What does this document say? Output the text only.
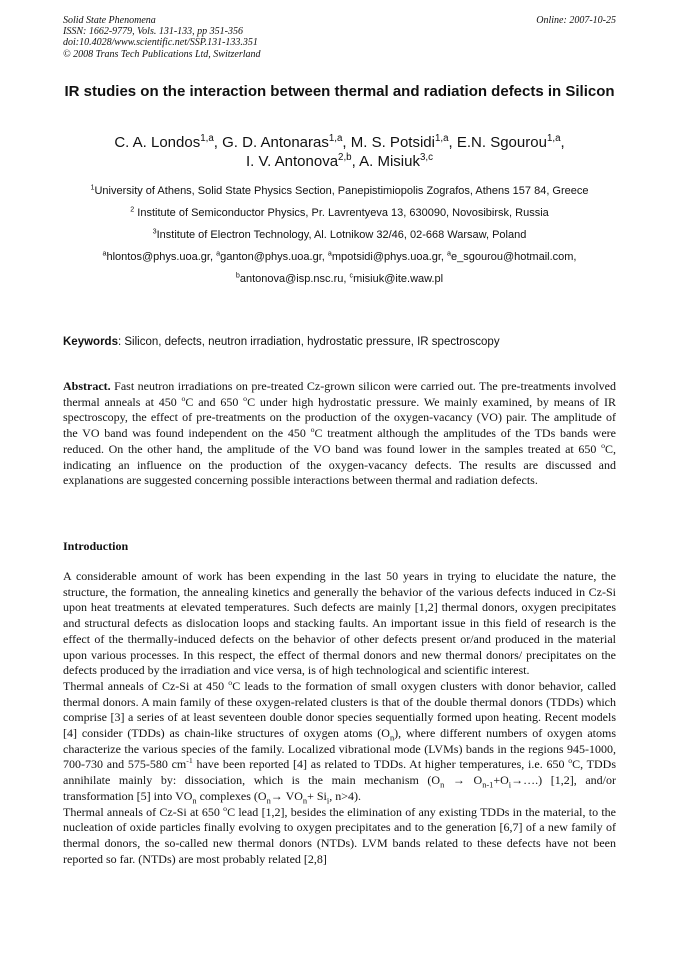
Solid State Phenomena
ISSN: 1662-9779, Vols. 131-133, pp 351-356
doi:10.4028/www.scientific.net/SSP.131-133.351
© 2008 Trans Tech Publications Ltd, Switzerland
Online: 2007-10-25
IR studies on the interaction between thermal and radiation defects in Silicon
C. A. Londos$^{1,a}$, G. D. Antonaras$^{1,a}$, M. S. Potsidi$^{1,a}$, E.N. Sgourou$^{1,a}$,
I. V. Antonova$^{2,b}$, A. Misiuk$^{3,c}$
$^1$University of Athens, Solid State Physics Section, Panepistimiopolis Zografos, Athens 157 84, Greece
$^2$ Institute of Semiconductor Physics, Pr. Lavrentyeva 13, 630090, Novosibirsk, Russia
$^3$Institute of Electron Technology, Al. Lotnikow 32/46, 02-668 Warsaw, Poland
$^a$hlontos@phys.uoa.gr, $^a$ganton@phys.uoa.gr, $^a$mpotsidi@phys.uoa.gr, $^a$e_sgourou@hotmail.com,
$^b$antonova@isp.nsc.ru, $^c$misiuk@ite.waw.pl
Keywords: Silicon, defects, neutron irradiation, hydrostatic pressure, IR spectroscopy
Abstract. Fast neutron irradiations on pre-treated Cz-grown silicon were carried out. The pre-treatments involved thermal anneals at 450 $^o$C and 650 $^o$C under high hydrostatic pressure. We mainly examined, by means of IR spectroscopy, the effect of pre-treatments on the production of the oxygen-vacancy (VO) pair. The amplitude of the VO band was found independent on the 450 $^o$C treatment although the amplitudes of the TDs bands were reduced. On the other hand, the amplitude of the VO band was found lower in the samples treated at 650 $^o$C, indicating an influence on the production of the oxygen-vacancy defects. The results are discussed and explanations are suggested concerning possible interactions between thermal and radiation defects.
Introduction

A considerable amount of work has been expending in the last 50 years in trying to elucidate the nature, the structure, the formation, the annealing kinetics and generally the behavior of the various defects induced in Cz-Si upon heat treatments at elevated temperatures. Such defects are mainly [1,2] thermal donors, oxygen precipitates and structural defects as dislocation loops and stacking faults. An important issue in this field of research is the effect of the thermally-induced defects on the behavior of other defects present or/and produced in the material upon various processes. In this respect, the effect of thermal donors and new thermal donors/ precipitates on the defects produced by the irradiation and vice versa, is of high technological and scientific interest.

Thermal anneals of Cz-Si at 450 $^o$C leads to the formation of small oxygen clusters with donor behavior, called thermal donors. A main family of these oxygen-related clusters is that of the double thermal donors (TDDs) which comprise [3] a series of at least seventeen double donor species sequentially formed upon heating. Recent models [4] consider (TDDs) as chain-like structures of oxygen atoms $(O_n)$, where different numbers of oxygen atoms characterize the various species of the family. Localized vibrational mode (LVMs) bands in the regions 945-1000, 700-730 and 575-580 $cm^{-1}$ have been reported [4] as related to TDDs. At higher temperatures, i.e. 650 $^o$C, TDDs annihilate mainly by: dissociation, which is the main mechanism ($O_n$ → $O_{n-1}+O_i\to\dots$.) [1,2], and/or transformation [5] into $VO_n$ complexes ($O_n\to VO_n+ Si_i$, n>4).

Thermal anneals of Cz-Si at 650 $^o$C lead [1,2], besides the elimination of any existing TDDs in the material, to the nucleation of oxide particles finally evolving to oxygen precipitates and to the generation [6,7] of a new family of thermal donors, the so-called new thermal donors (NTDs). LVM bands related to these defects have not been reported so far. (NTDs) are most probably related [2,8]
